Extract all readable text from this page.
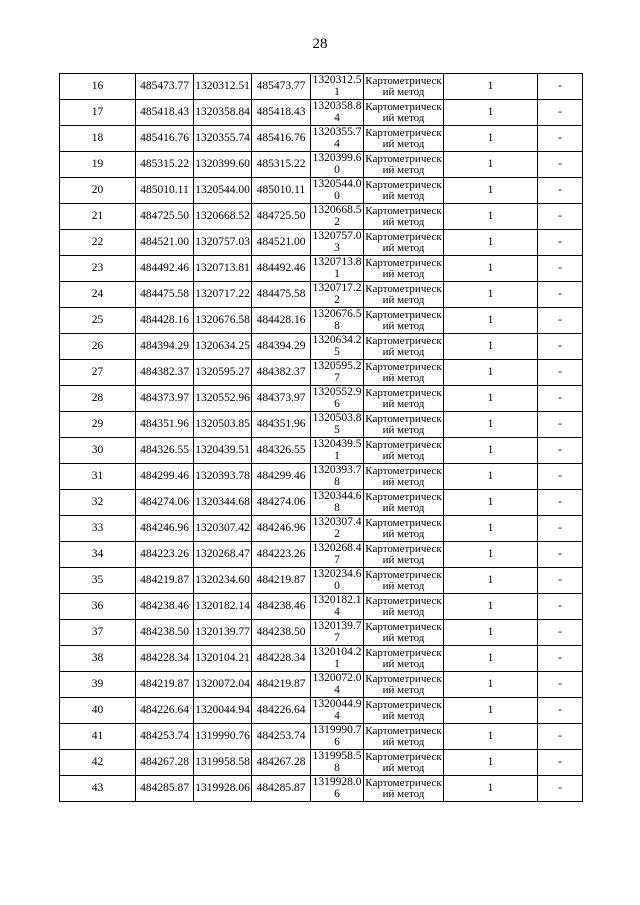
28
16	485473.77	1320312.51	485473.77	1320312.51	Картометрический метод	1	-
17	485418.43	1320358.84	485418.43	1320358.84	Картометрический метод	1	-
18	485416.76	1320355.74	485416.76	1320355.74	Картометрический метод	1	-
19	485315.22	1320399.60	485315.22	1320399.60	Картометрический метод	1	-
20	485010.11	1320544.00	485010.11	1320544.00	Картометрический метод	1	-
21	484725.50	1320668.52	484725.50	1320668.52	Картометрический метод	1	-
22	484521.00	1320757.03	484521.00	1320757.03	Картометрический метод	1	-
23	484492.46	1320713.81	484492.46	1320713.81	Картометрический метод	1	-
24	484475.58	1320717.22	484475.58	1320717.22	Картометрический метод	1	-
25	484428.16	1320676.58	484428.16	1320676.58	Картометрический метод	1	-
26	484394.29	1320634.25	484394.29	1320634.25	Картометрический метод	1	-
27	484382.37	1320595.27	484382.37	1320595.27	Картометрический метод	1	-
28	484373.97	1320552.96	484373.97	1320552.96	Картометрический метод	1	-
29	484351.96	1320503.85	484351.96	1320503.85	Картометрический метод	1	-
30	484326.55	1320439.51	484326.55	1320439.51	Картометрический метод	1	-
31	484299.46	1320393.78	484299.46	1320393.78	Картометрический метод	1	-
32	484274.06	1320344.68	484274.06	1320344.68	Картометрический метод	1	-
33	484246.96	1320307.42	484246.96	1320307.42	Картометрический метод	1	-
34	484223.26	1320268.47	484223.26	1320268.47	Картометрический метод	1	-
35	484219.87	1320234.60	484219.87	1320234.60	Картометрический метод	1	-
36	484238.46	1320182.14	484238.46	1320182.14	Картометрический метод	1	-
37	484238.50	1320139.77	484238.50	1320139.77	Картометрический метод	1	-
38	484228.34	1320104.21	484228.34	1320104.21	Картометрический метод	1	-
39	484219.87	1320072.04	484219.87	1320072.04	Картометрический метод	1	-
40	484226.64	1320044.94	484226.64	1320044.94	Картометрический метод	1	-
41	484253.74	1319990.76	484253.74	1319990.76	Картометрический метод	1	-
42	484267.28	1319958.58	484267.28	1319958.58	Картометрический метод	1	-
43	484285.87	1319928.06	484285.87	1319928.06	Картометрический метод	1	-
